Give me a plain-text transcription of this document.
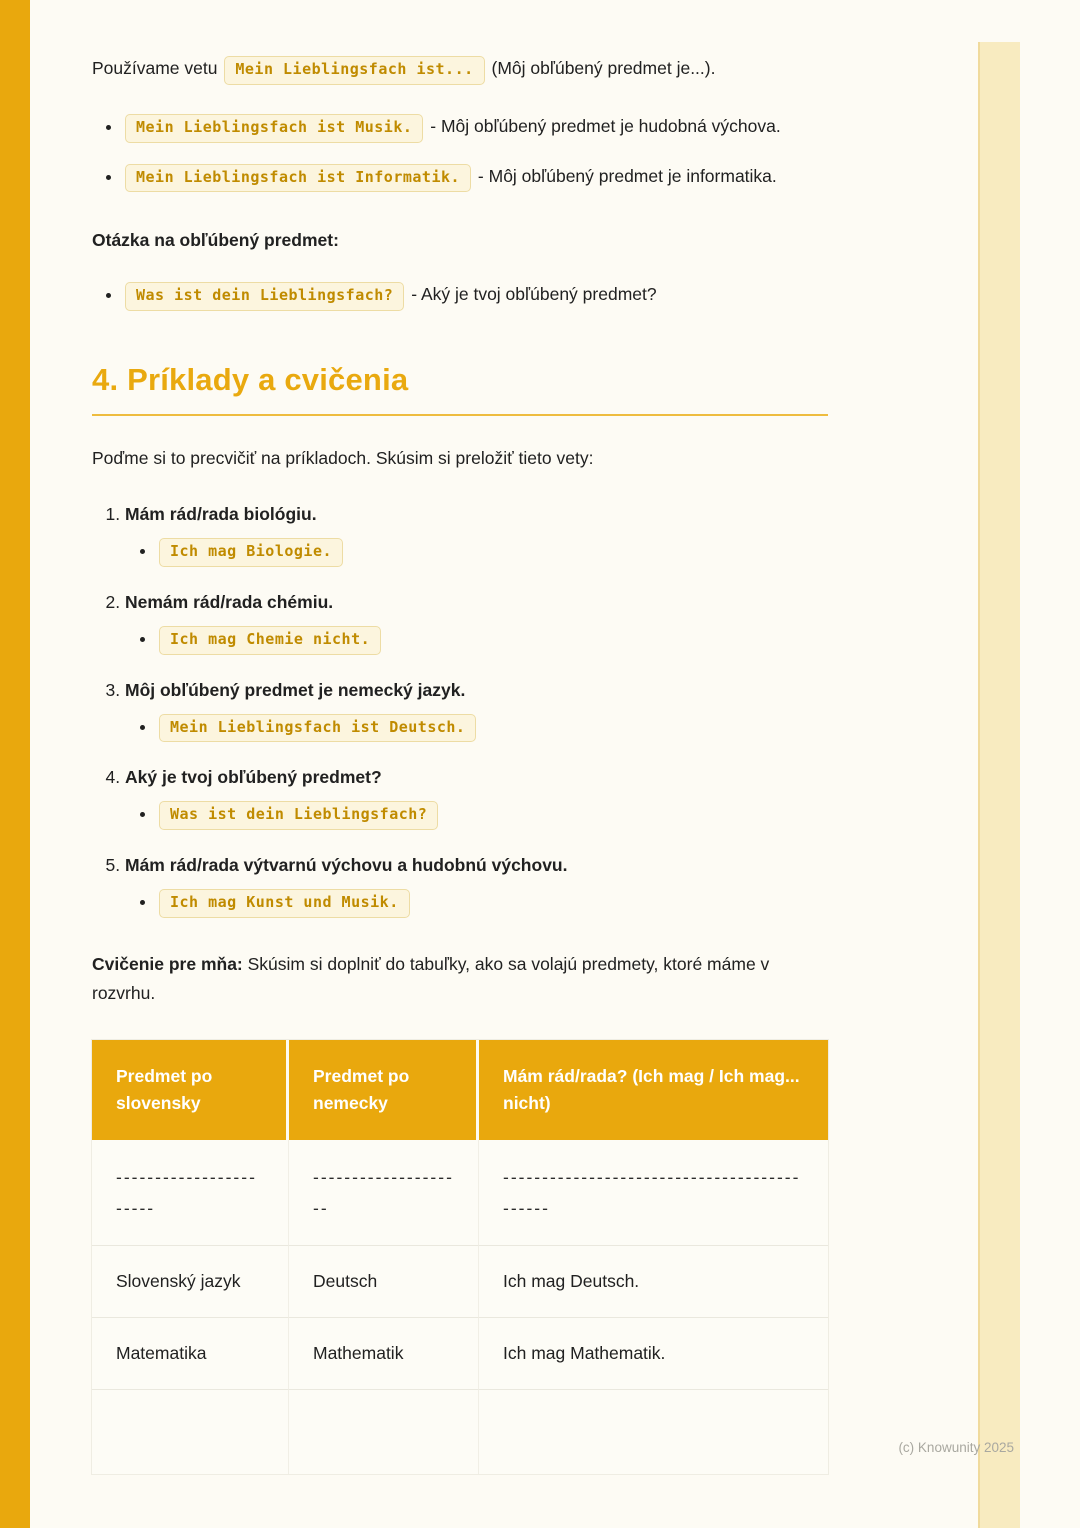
Používame vetu Mein Lieblingsfach ist... (Môj obľúbený predmet je...).

• Mein Lieblingsfach ist Musik. - Môj obľúbený predmet je hudobná výchova.
• Mein Lieblingsfach ist Informatik. - Môj obľúbený predmet je informatika.

Otázka na obľúbený predmet:

• Was ist dein Lieblingsfach? - Aký je tvoj obľúbený predmet?
4. Príklady a cvičenia

Poďme si to precvičiť na príkladoch. Skúsim si preložiť tieto vety:

1. Mám rád/rada biológiu.
• Ich mag Biologie.
2. Nemám rád/rada chémiu.
• Ich mag Chemie nicht.
3. Môj obľúbený predmet je nemecký jazyk.
• Mein Lieblingsfach ist Deutsch.
4. Aký je tvoj obľúbený predmet?
• Was ist dein Lieblingsfach?
5. Mám rád/rada výtvarnú výchovu a hudobnú výchovu.
• Ich mag Kunst und Musik.

Cvičenie pre mňa: Skúsim si doplniť do tabuľky, ako sa volajú predmety, ktoré máme v rozvrhu.

Predmet po slovensky	Predmet po nemecky	Mám rád/rada? (Ich mag / Ich mag... nicht)
-----------------------	--------------------	--------------------------------------------
Slovenský jazyk	Deutsch	Ich mag Deutsch.
Matematika	Mathematik	Ich mag Mathematik.

(c) Knowunity 2025
